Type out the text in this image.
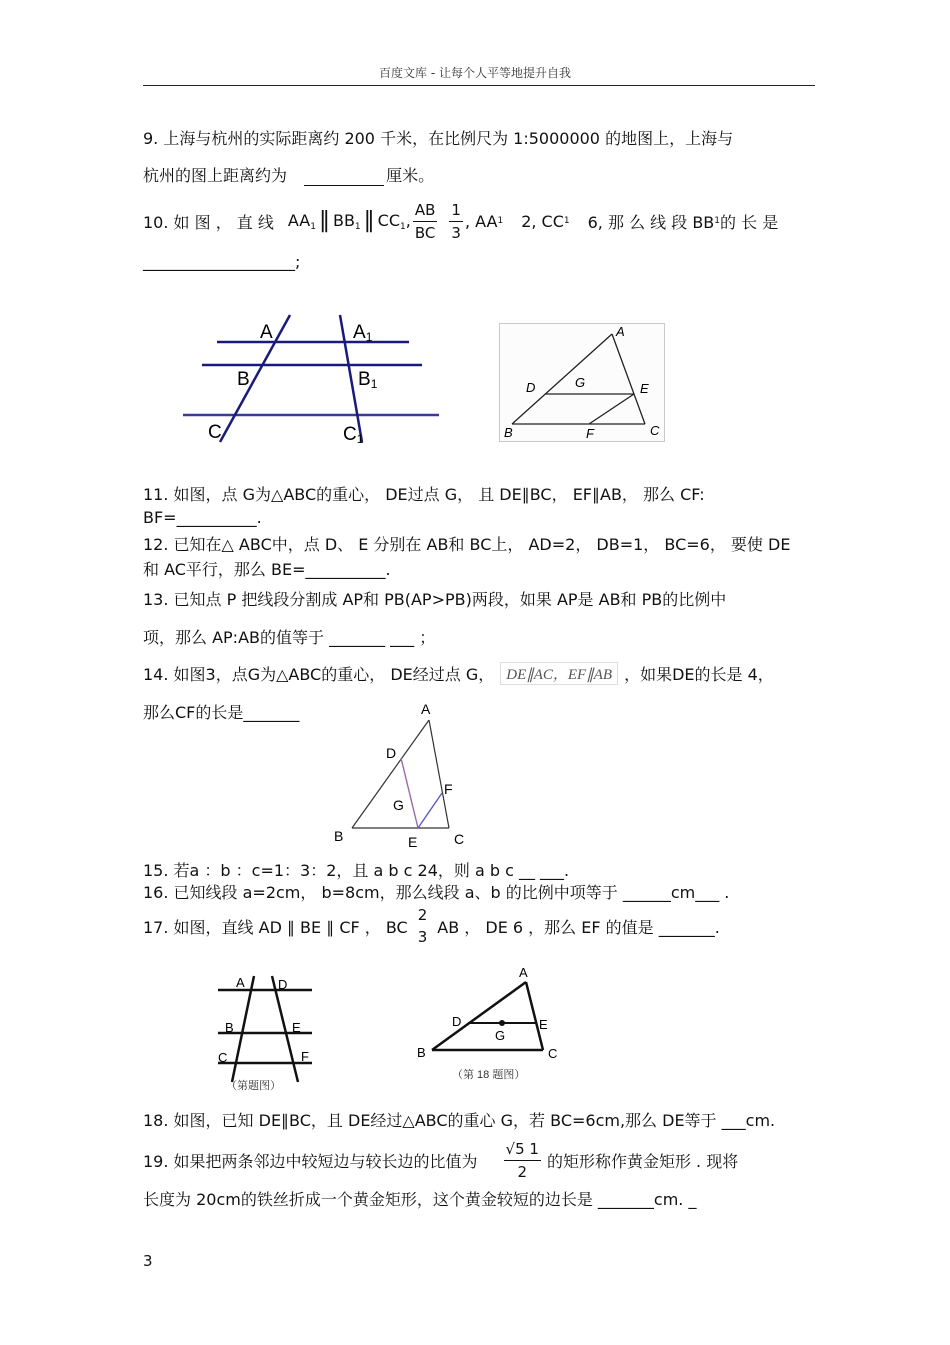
百度文库 - 让每个人平等地提升自我
9. 上海与杭州的实际距离约 200 千米，在比例尺为 1:5000000 的地图上，上海与
杭州的图上距离约为	厘米。
10. 如 图 ， 直 线 $AA_1$ ‖ $BB_1$ ‖ $CC_1$, $\frac{AB}{BC} \frac{1}{3}$ , AA 1 2, CC 1 6, 那 么 线 段 BB 1 的 长 是
___________________;
A	A1
B	B1
C	C1
A
D	G	E
B	F	C
11. 如图，点 G为△ABC的重心， DE过点 G， 且 DE∥BC， EF∥AB， 那么 CF:
BF=__________.
12. 已知在△ ABC中，点 D、 E 分别在 AB和 BC上， AD=2， DB=1， BC=6， 要使 DE
和 AC平行，那么 BE=__________.
13. 已知点 P 把线段分割成 AP和 PB(AP>PB)两段，如果 AP是 AB和 PB的比例中
项，那么 AP:AB的值等于 _______ ___ ；
14. 如图3，点G为△ABC的重心， DE经过点 G， DE∥AC，EF∥AB ，如果DE的长是 4，
那么CF的长是_______	A
D
F
G
B	E	C
15. 若a ：b ：c=1：3：2，且 a b c 24，则 a b c __ ___.
16. 已知线段 a=2cm， b=8cm，那么线段 a、b 的比例中项等于 ______cm___ .
17. 如图，直线 AD ∥ BE ∥ CF ， BC
2
3
AB ， DE 6 ，那么 EF 的值是 _______.
A	D
B	E
C	F
（第题图）
A
D
G
E
B	C
（第 18 题图）
18. 如图，已知 DE∥BC，且 DE经过△ABC的重心 G，若 BC=6cm,那么 DE等于 ___cm.
19. 如果把两条邻边中较短边与较长边的比值为 $\frac{√5 1}{2}$ 的矩形称作黄金矩形 . 现将
长度为 20cm的铁丝折成一个黄金矩形，这个黄金较短的边长是 _______cm. _
3
